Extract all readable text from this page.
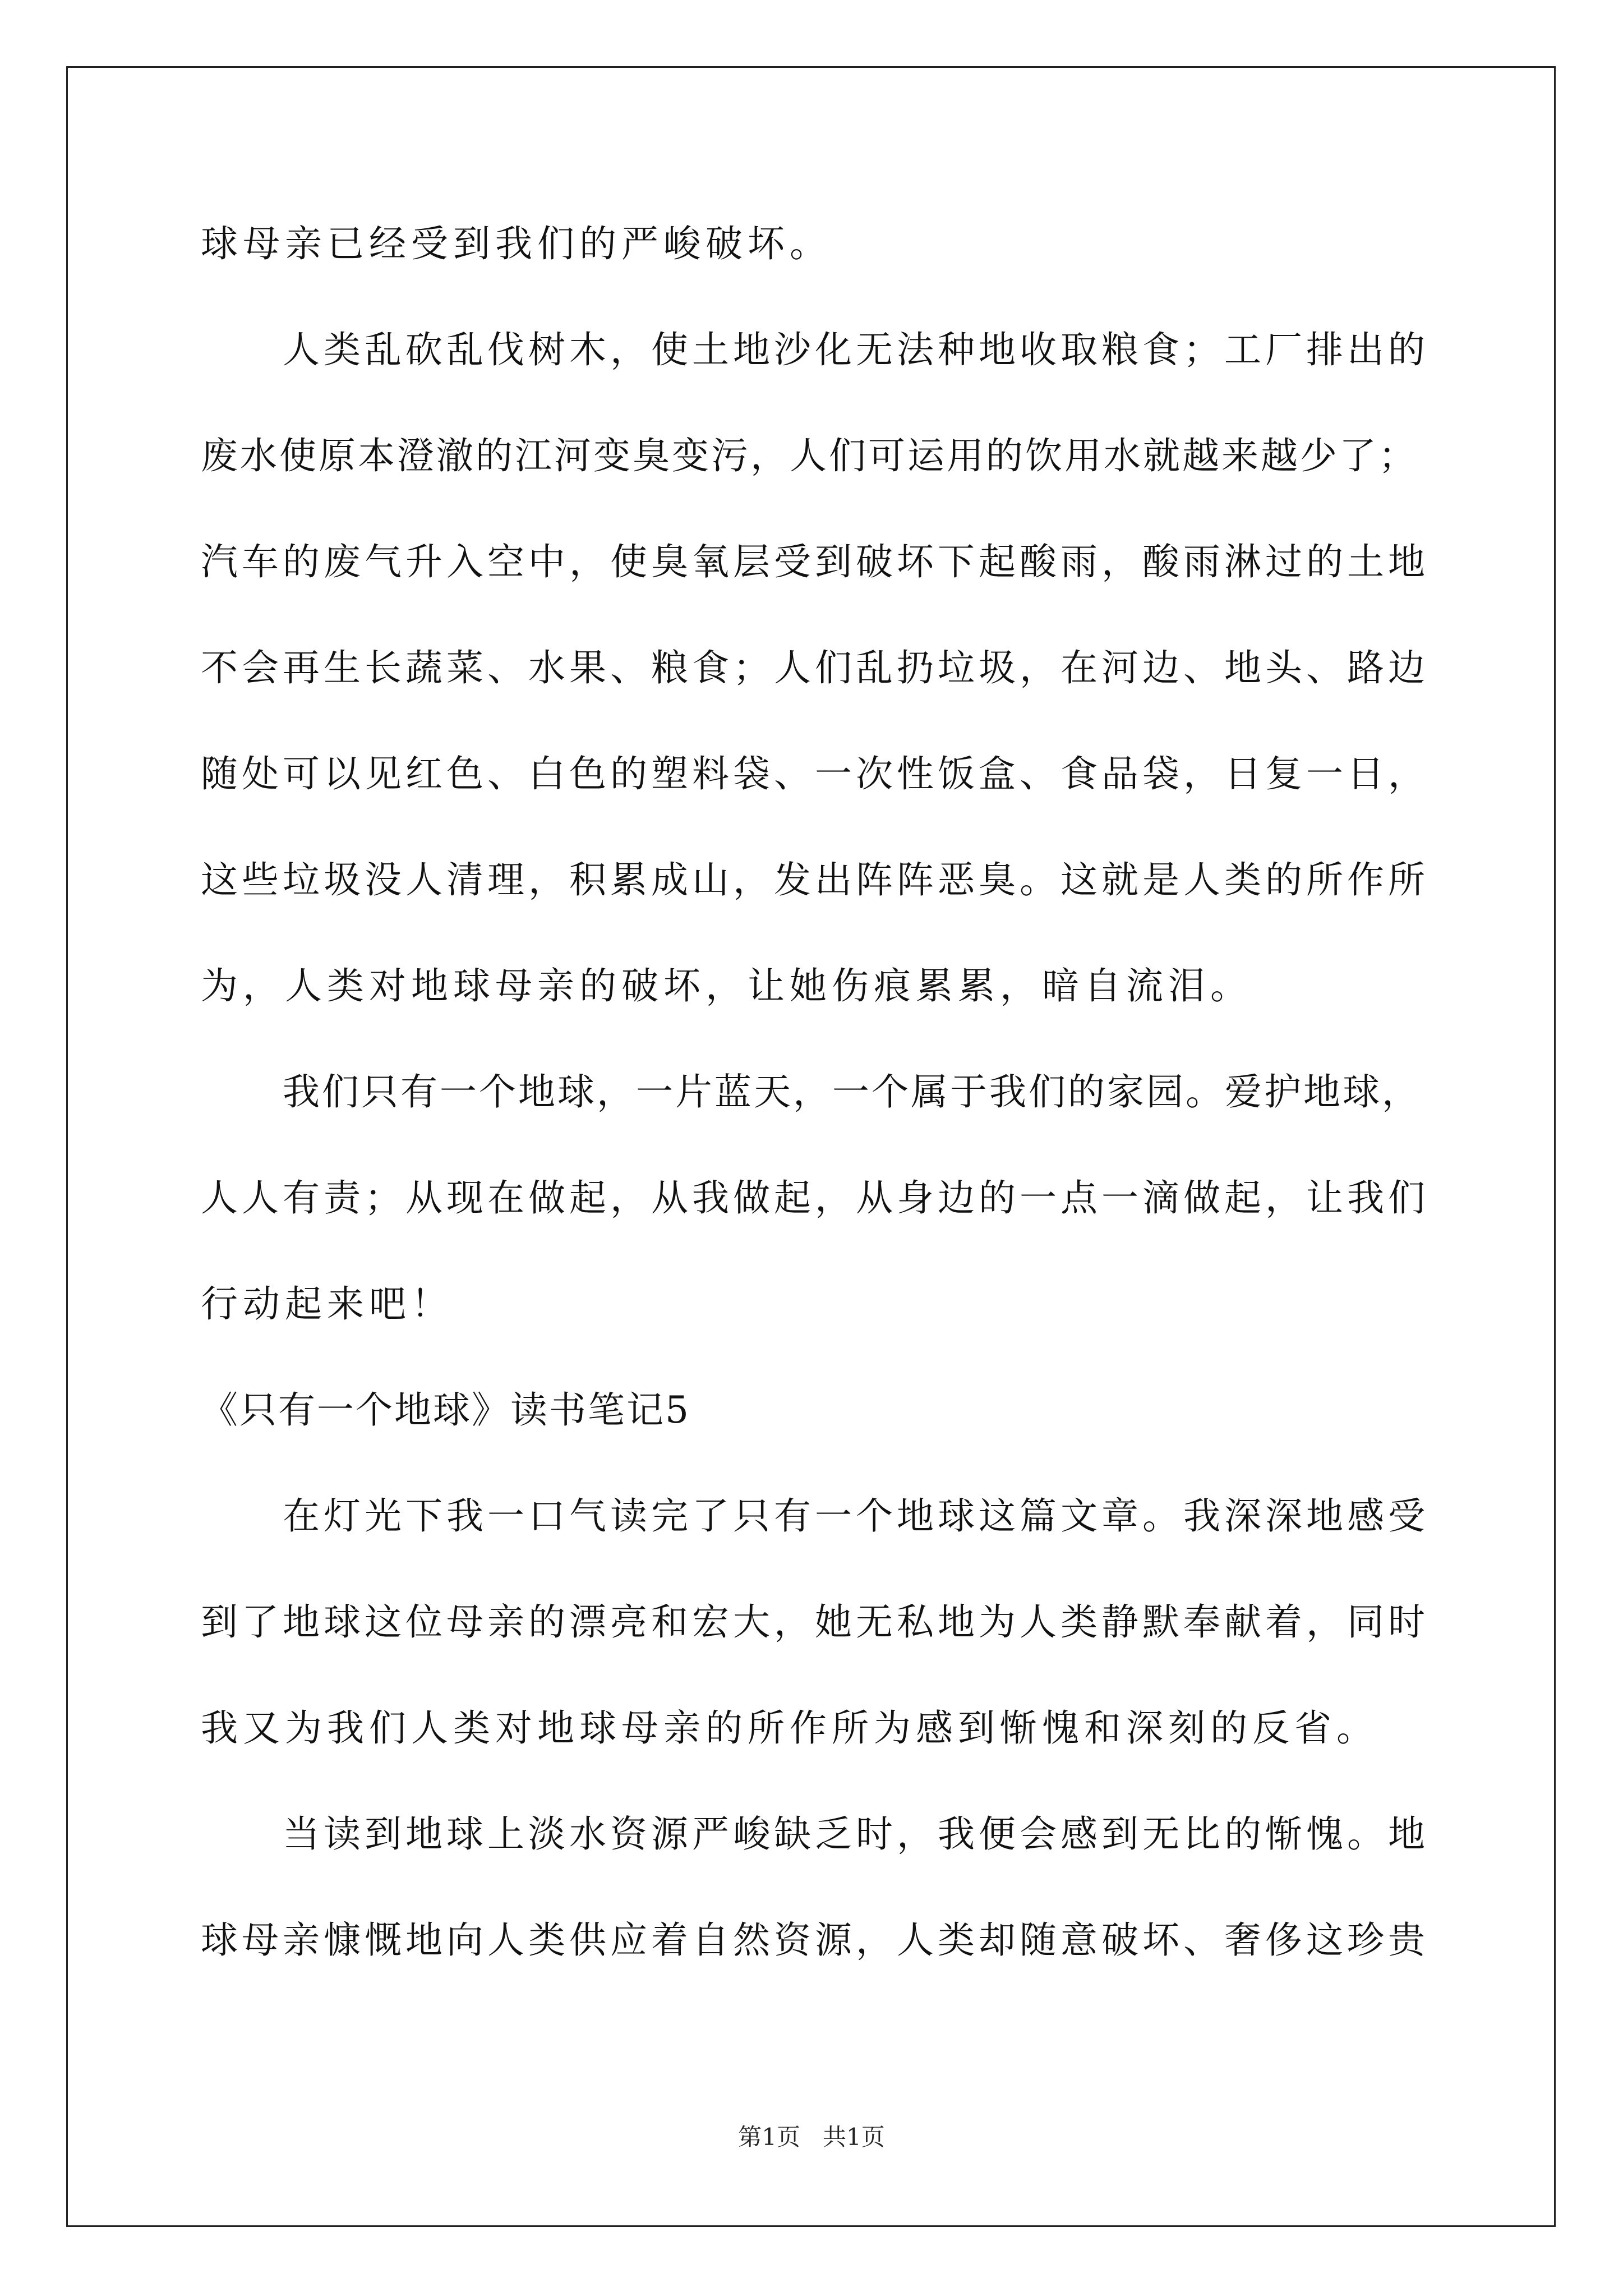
球母亲已经受到我们的严峻破坏。
人类乱砍乱伐树木，使土地沙化无法种地收取粮食；工厂排出的
废水使原本澄澈的江河变臭变污，人们可运用的饮用水就越来越少了；
汽车的废气升入空中，使臭氧层受到破坏下起酸雨，酸雨淋过的土地
不会再生长蔬菜、水果、粮食；人们乱扔垃圾，在河边、地头、路边
随处可以见红色、白色的塑料袋、一次性饭盒、食品袋，日复一日，
这些垃圾没人清理，积累成山，发出阵阵恶臭。这就是人类的所作所
为，人类对地球母亲的破坏，让她伤痕累累，暗自流泪。
我们只有一个地球，一片蓝天，一个属于我们的家园。爱护地球，
人人有责；从现在做起，从我做起，从身边的一点一滴做起，让我们
行动起来吧！
《只有一个地球》读书笔记5
在灯光下我一口气读完了只有一个地球这篇文章。我深深地感受
到了地球这位母亲的漂亮和宏大，她无私地为人类静默奉献着，同时
我又为我们人类对地球母亲的所作所为感到惭愧和深刻的反省。
当读到地球上淡水资源严峻缺乏时，我便会感到无比的惭愧。地
球母亲慷慨地向人类供应着自然资源，人类却随意破坏、奢侈这珍贵
第1页   共1页
